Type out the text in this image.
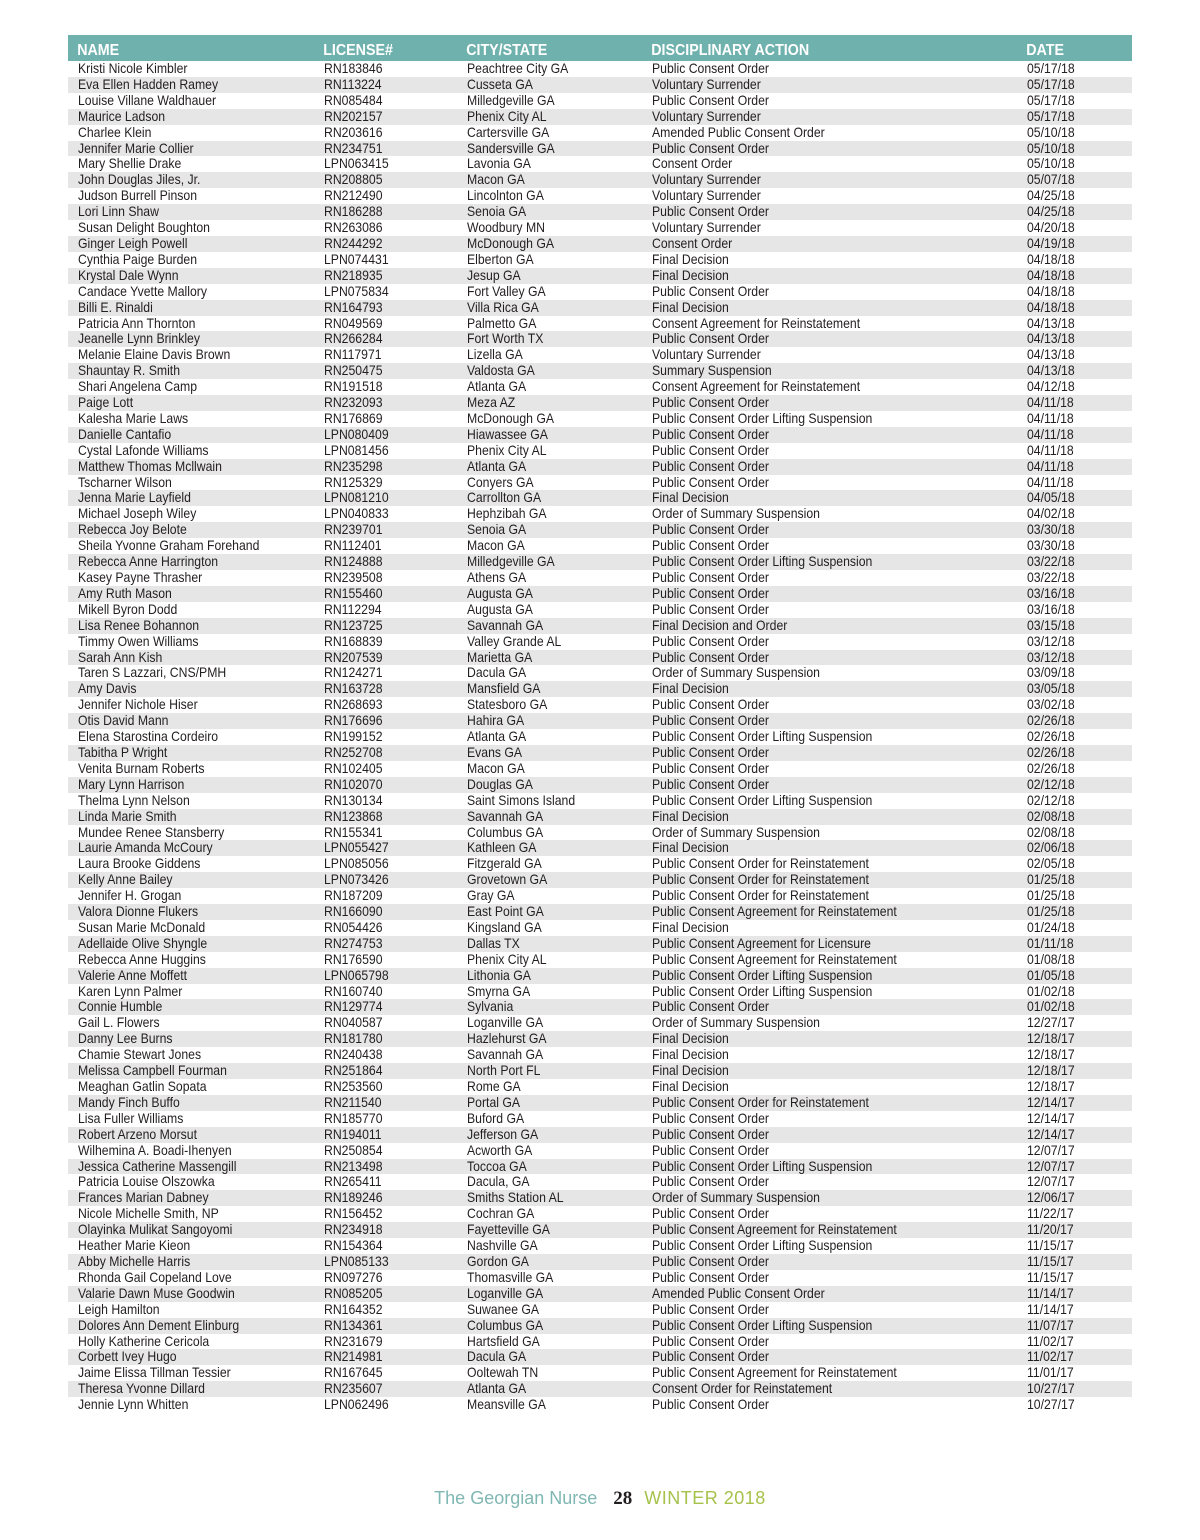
NAME	LICENSE#	CITY/STATE	DISCIPLINARY ACTION	DATE
Kristi Nicole Kimbler	RN183846	Peachtree City GA	Public Consent Order	05/17/18
Eva Ellen Hadden Ramey	RN113224	Cusseta GA	Voluntary Surrender	05/17/18
Louise Villane Waldhauer	RN085484	Milledgeville GA	Public Consent Order	05/17/18
Maurice Ladson	RN202157	Phenix City AL	Voluntary Surrender	05/17/18
Charlee Klein	RN203616	Cartersville GA	Amended Public Consent Order	05/10/18
Jennifer Marie Collier	RN234751	Sandersville GA	Public Consent Order	05/10/18
Mary Shellie Drake	LPN063415	Lavonia GA	Consent Order	05/10/18
John Douglas Jiles, Jr.	RN208805	Macon GA	Voluntary Surrender	05/07/18
Judson Burrell Pinson	RN212490	Lincolnton GA	Voluntary Surrender	04/25/18
Lori Linn Shaw	RN186288	Senoia GA	Public Consent Order	04/25/18
Susan Delight Boughton	RN263086	Woodbury MN	Voluntary Surrender	04/20/18
Ginger Leigh Powell	RN244292	McDonough GA	Consent Order	04/19/18
Cynthia Paige Burden	LPN074431	Elberton GA	Final Decision	04/18/18
Krystal Dale Wynn	RN218935	Jesup GA	Final Decision	04/18/18
Candace Yvette Mallory	LPN075834	Fort Valley GA	Public Consent Order	04/18/18
Billi E. Rinaldi	RN164793	Villa Rica GA	Final Decision	04/18/18
Patricia Ann Thornton	RN049569	Palmetto GA	Consent Agreement for Reinstatement	04/13/18
Jeanelle Lynn Brinkley	RN266284	Fort Worth TX	Public Consent Order	04/13/18
Melanie Elaine Davis Brown	RN117971	Lizella GA	Voluntary Surrender	04/13/18
Shauntay R. Smith	RN250475	Valdosta GA	Summary Suspension	04/13/18
Shari Angelena Camp	RN191518	Atlanta GA	Consent Agreement for Reinstatement	04/12/18
Paige Lott	RN232093	Meza AZ	Public Consent Order	04/11/18
Kalesha Marie Laws	RN176869	McDonough GA	Public Consent Order Lifting Suspension	04/11/18
Danielle Cantafio	LPN080409	Hiawassee GA	Public Consent Order	04/11/18
Cystal Lafonde Williams	LPN081456	Phenix City AL	Public Consent Order	04/11/18
Matthew Thomas Mcllwain	RN235298	Atlanta GA	Public Consent Order	04/11/18
Tscharner Wilson	RN125329	Conyers GA	Public Consent Order	04/11/18
Jenna Marie Layfield	LPN081210	Carrollton GA	Final Decision	04/05/18
Michael Joseph Wiley	LPN040833	Hephzibah GA	Order of Summary Suspension	04/02/18
Rebecca Joy Belote	RN239701	Senoia GA	Public Consent Order	03/30/18
Sheila Yvonne Graham Forehand	RN112401	Macon GA	Public Consent Order	03/30/18
Rebecca Anne Harrington	RN124888	Milledgeville GA	Public Consent Order Lifting Suspension	03/22/18
Kasey Payne Thrasher	RN239508	Athens GA	Public Consent Order	03/22/18
Amy Ruth Mason	RN155460	Augusta GA	Public Consent Order	03/16/18
Mikell Byron Dodd	RN112294	Augusta GA	Public Consent Order	03/16/18
Lisa Renee Bohannon	RN123725	Savannah GA	Final Decision and Order	03/15/18
Timmy Owen Williams	RN168839	Valley Grande AL	Public Consent Order	03/12/18
Sarah Ann Kish	RN207539	Marietta GA	Public Consent Order	03/12/18
Taren S Lazzari, CNS/PMH	RN124271	Dacula GA	Order of Summary Suspension	03/09/18
Amy Davis	RN163728	Mansfield GA	Final Decision	03/05/18
Jennifer Nichole Hiser	RN268693	Statesboro GA	Public Consent Order	03/02/18
Otis David Mann	RN176696	Hahira GA	Public Consent Order	02/26/18
Elena Starostina Cordeiro	RN199152	Atlanta GA	Public Consent Order Lifting Suspension	02/26/18
Tabitha P Wright	RN252708	Evans GA	Public Consent Order	02/26/18
Venita Burnam Roberts	RN102405	Macon GA	Public Consent Order	02/26/18
Mary Lynn Harrison	RN102070	Douglas GA	Public Consent Order	02/12/18
Thelma Lynn Nelson	RN130134	Saint Simons Island	Public Consent Order Lifting Suspension	02/12/18
Linda Marie Smith	RN123868	Savannah GA	Final Decision	02/08/18
Mundee Renee Stansberry	RN155341	Columbus GA	Order of Summary Suspension	02/08/18
Laurie Amanda McCoury	LPN055427	Kathleen GA	Final Decision	02/06/18
Laura Brooke Giddens	LPN085056	Fitzgerald GA	Public Consent Order for Reinstatement	02/05/18
Kelly Anne Bailey	LPN073426	Grovetown GA	Public Consent Order for Reinstatement	01/25/18
Jennifer H. Grogan	RN187209	Gray GA	Public Consent Order for Reinstatement	01/25/18
Valora Dionne Flukers	RN166090	East Point GA	Public Consent Agreement for Reinstatement	01/25/18
Susan Marie McDonald	RN054426	Kingsland GA	Final Decision	01/24/18
Adellaide Olive Shyngle	RN274753	Dallas TX	Public Consent Agreement for Licensure	01/11/18
Rebecca Anne Huggins	RN176590	Phenix City AL	Public Consent Agreement for Reinstatement	01/08/18
Valerie Anne Moffett	LPN065798	Lithonia GA	Public Consent Order Lifting Suspension	01/05/18
Karen Lynn Palmer	RN160740	Smyrna GA	Public Consent Order Lifting Suspension	01/02/18
Connie Humble	RN129774	Sylvania	Public Consent Order	01/02/18
Gail L. Flowers	RN040587	Loganville GA	Order of Summary Suspension	12/27/17
Danny Lee Burns	RN181780	Hazlehurst GA	Final Decision	12/18/17
Chamie Stewart Jones	RN240438	Savannah GA	Final Decision	12/18/17
Melissa Campbell Fourman	RN251864	North Port FL	Final Decision	12/18/17
Meaghan Gatlin Sopata	RN253560	Rome GA	Final Decision	12/18/17
Mandy Finch Buffo	RN211540	Portal GA	Public Consent Order for Reinstatement	12/14/17
Lisa Fuller Williams	RN185770	Buford GA	Public Consent Order	12/14/17
Robert Arzeno Morsut	RN194011	Jefferson GA	Public Consent Order	12/14/17
Wilhemina A. Boadi-Ihenyen	RN250854	Acworth GA	Public Consent Order	12/07/17
Jessica Catherine Massengill	RN213498	Toccoa GA	Public Consent Order Lifting Suspension	12/07/17
Patricia Louise Olszowka	RN265411	Dacula, GA	Public Consent Order	12/07/17
Frances Marian Dabney	RN189246	Smiths Station AL	Order of Summary Suspension	12/06/17
Nicole Michelle Smith, NP	RN156452	Cochran GA	Public Consent Order	11/22/17
Olayinka Mulikat Sangoyomi	RN234918	Fayetteville GA	Public Consent Agreement for Reinstatement	11/20/17
Heather Marie Kieon	RN154364	Nashville GA	Public Consent Order Lifting Suspension	11/15/17
Abby Michelle Harris	LPN085133	Gordon GA	Public Consent Order	11/15/17
Rhonda Gail Copeland Love	RN097276	Thomasville GA	Public Consent Order	11/15/17
Valarie Dawn Muse Goodwin	RN085205	Loganville GA	Amended Public Consent Order	11/14/17
Leigh Hamilton	RN164352	Suwanee GA	Public Consent Order	11/14/17
Dolores Ann Dement Elinburg	RN134361	Columbus GA	Public Consent Order Lifting Suspension	11/07/17
Holly Katherine Cericola	RN231679	Hartsfield GA	Public Consent Order	11/02/17
Corbett Ivey Hugo	RN214981	Dacula GA	Public Consent Order	11/02/17
Jaime Elissa Tillman Tessier	RN167645	Ooltewah TN	Public Consent Agreement for Reinstatement	11/01/17
Theresa Yvonne Dillard	RN235607	Atlanta GA	Consent Order for Reinstatement	10/27/17
Jennie Lynn Whitten	LPN062496	Meansville GA	Public Consent Order	10/27/17
The Georgian Nurse 28 WINTER 2018
